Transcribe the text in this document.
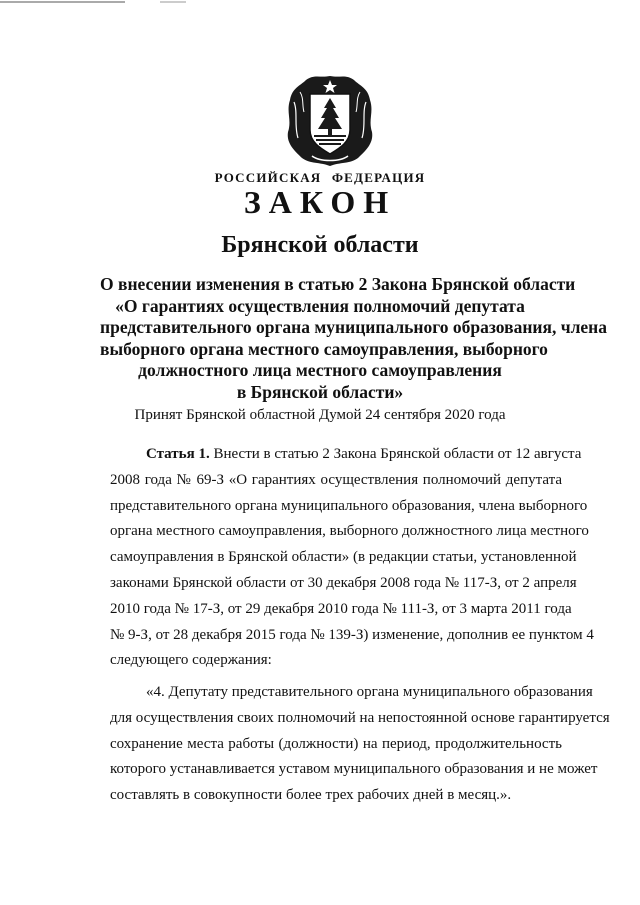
РОССИЙСКАЯ ФЕДЕРАЦИЯ
ЗАКОН
Брянской области
О внесении изменения в статью 2 Закона Брянской области
«О гарантиях осуществления полномочий депутата
представительного органа муниципального образования, члена
выборного органа местного самоуправления, выборного
должностного лица местного самоуправления
в Брянской области»
Принят Брянской областной Думой 24 сентября 2020 года
Статья 1. Внести в статью 2 Закона Брянской области от 12 августа
2008 года № 69-З «О гарантиях осуществления полномочий депутата
представительного органа муниципального образования, члена выборного
органа местного самоуправления, выборного должностного лица местного
самоуправления в Брянской области» (в редакции статьи, установленной
законами Брянской области от 30 декабря 2008 года № 117-З, от 2 апреля
2010 года № 17-З, от 29 декабря 2010 года № 111-З, от 3 марта 2011 года
№ 9-З, от 28 декабря 2015 года № 139-З) изменение, дополнив ее пунктом 4
следующего содержания:
«4. Депутату представительного органа муниципального образования
для осуществления своих полномочий на непостоянной основе гарантируется
сохранение места работы (должности) на период, продолжительность
которого устанавливается уставом муниципального образования и не может
составлять в совокупности более трех рабочих дней в месяц.».
